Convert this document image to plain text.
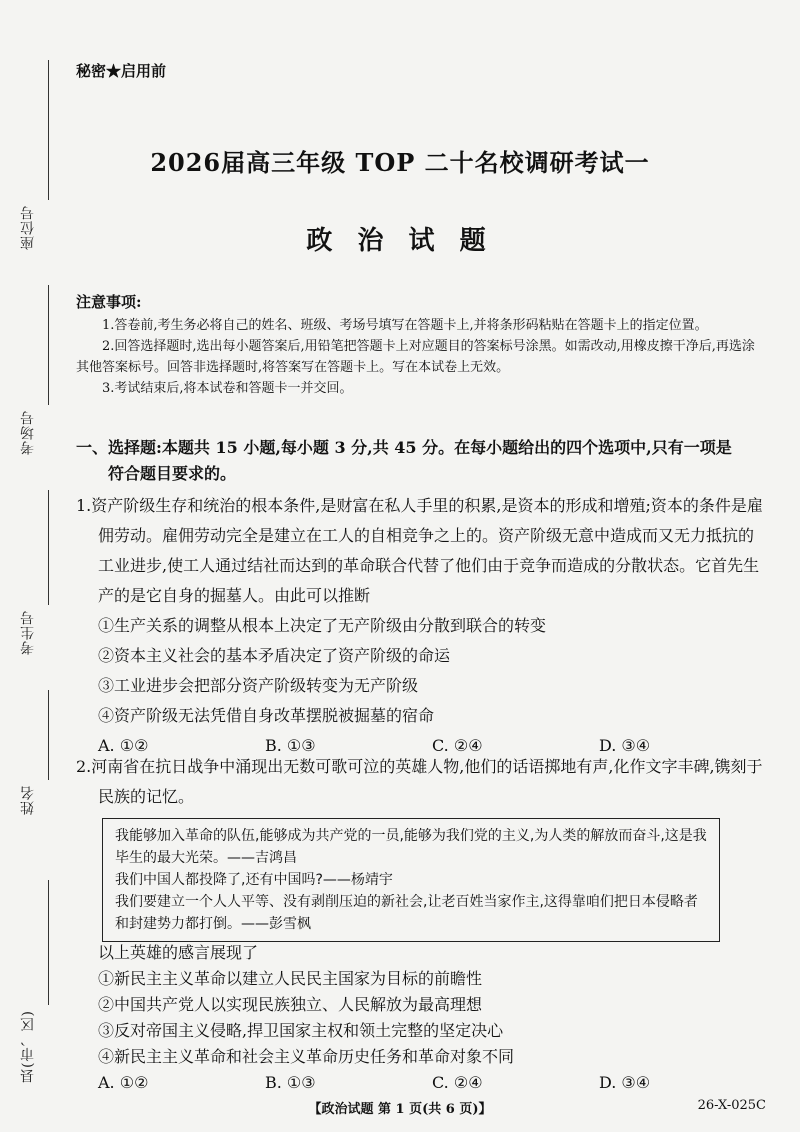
座位号
考场号
考生号
姓名
县(市、区)
秘密★启用前
2026届高三年级 TOP 二十名校调研考试一
政 治 试 题
注意事项:

1.答卷前,考生务必将自己的姓名、班级、考场号填写在答题卡上,并将条形码粘贴在答题卡上的指定位置。

2.回答选择题时,选出每小题答案后,用铅笔把答题卡上对应题目的答案标号涂黑。如需改动,用橡皮擦干净后,再选涂其他答案标号。回答非选择题时,将答案写在答题卡上。写在本试卷上无效。

3.考试结束后,将本试卷和答题卡一并交回。

一、选择题:本题共 15 小题,每小题 3 分,共 45 分。在每小题给出的四个选项中,只有一项是
符合题目要求的。

1.资产阶级生存和统治的根本条件,是财富在私人手里的积累,是资本的形成和增殖;资本的条件是雇佣劳动。雇佣劳动完全是建立在工人的自相竞争之上的。资产阶级无意中造成而又无力抵抗的工业进步,使工人通过结社而达到的革命联合代替了他们由于竞争而造成的分散状态。它首先生产的是它自身的掘墓人。由此可以推断

①生产关系的调整从根本上决定了无产阶级由分散到联合的转变

②资本主义社会的基本矛盾决定了资产阶级的命运

③工业进步会把部分资产阶级转变为无产阶级

④资产阶级无法凭借自身改革摆脱被掘墓的宿命

A. ①②	B. ①③	C. ②④	D. ③④

2.河南省在抗日战争中涌现出无数可歌可泣的英雄人物,他们的话语掷地有声,化作文字丰碑,镌刻于民族的记忆。

我能够加入革命的队伍,能够成为共产党的一员,能够为我们党的主义,为人类的解放而奋斗,这是我毕生的最大光荣。——吉鸿昌

我们中国人都投降了,还有中国吗?——杨靖宇

我们要建立一个人人平等、没有剥削压迫的新社会,让老百姓当家作主,这得靠咱们把日本侵略者和封建势力都打倒。——彭雪枫

以上英雄的感言展现了

①新民主主义革命以建立人民民主国家为目标的前瞻性

②中国共产党人以实现民族独立、人民解放为最高理想

③反对帝国主义侵略,捍卫国家主权和领土完整的坚定决心

④新民主主义革命和社会主义革命历史任务和革命对象不同

A. ①②	B. ①③	C. ②④	D. ③④
【政治试题 第 1 页(共 6 页)】	26-X-025C
